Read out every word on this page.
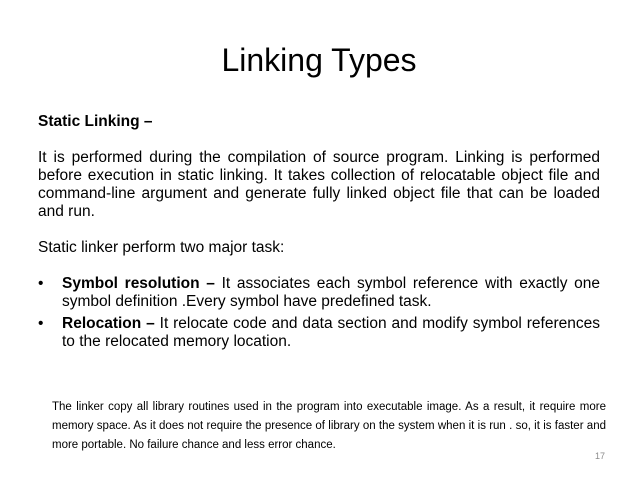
Linking Types

Static Linking –

It is performed during the compilation of source program. Linking is performed before execution in static linking. It takes collection of relocatable object file and command-line argument and generate fully linked object file that can be loaded and run.

Static linker perform two major task:

• Symbol resolution – It associates each symbol reference with exactly one symbol definition .Every symbol have predefined task.
• Relocation – It relocate code and data section and modify symbol references to the relocated memory location.

The linker copy all library routines used in the program into executable image. As a result, it require more memory space. As it does not require the presence of library on the system when it is run . so, it is faster and more portable. No failure chance and less error chance.

17
